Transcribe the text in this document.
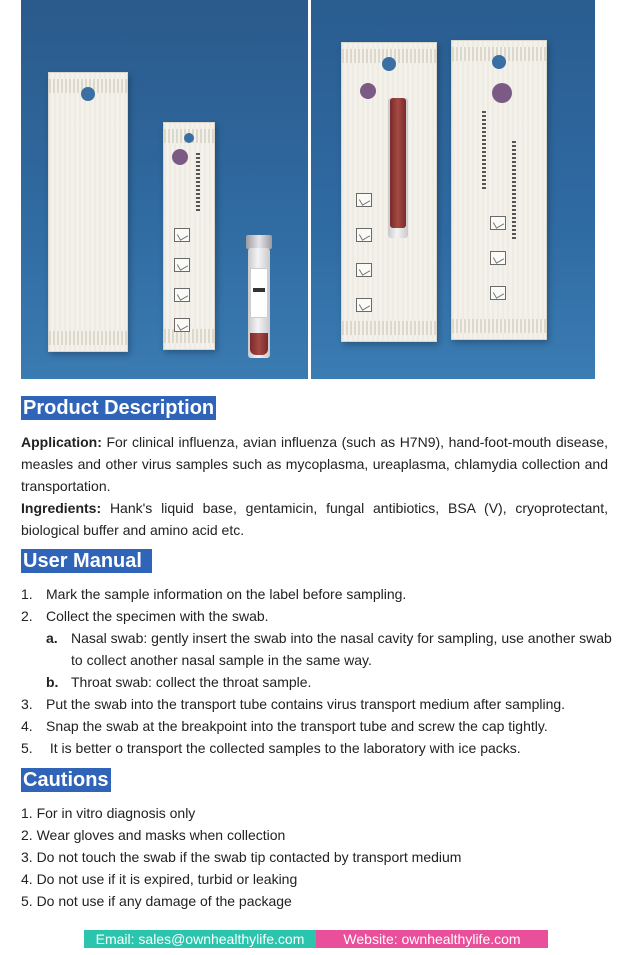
Product Description
Application: For clinical influenza, avian influenza (such as H7N9), hand-foot-mouth disease, measles and other virus samples such as mycoplasma, ureaplasma, chlamydia collection and transportation.
Ingredients: Hank's liquid base, gentamicin, fungal antibiotics, BSA (V), cryoprotectant, biological buffer and amino acid etc.
User Manual
1. Mark the sample information on the label before sampling.
2. Collect the specimen with the swab.
a. Nasal swab: gently insert the swab into the nasal cavity for sampling, use another swab to collect another nasal sample in the same way.
b. Throat swab: collect the throat sample.
3. Put the swab into the transport tube contains virus transport medium after sampling.
4. Snap the swab at the breakpoint into the transport tube and screw the cap tightly.
5. It is better o transport the collected samples to the laboratory with ice packs.
Cautions
1. For in vitro diagnosis only
2. Wear gloves and masks when collection
3. Do not touch the swab if the swab tip contacted by transport medium
4. Do not use if it is expired, turbid or leaking
5. Do not use if any damage of the package
Email: sales@ownhealthylife.com	Website: ownhealthylife.com
